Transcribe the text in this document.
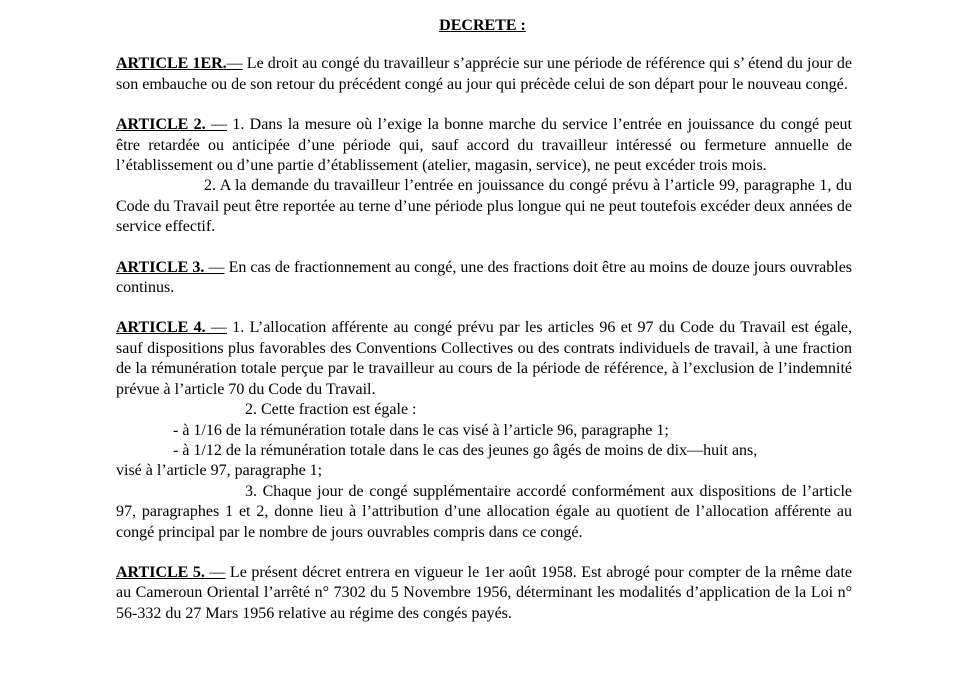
DECRETE :

ARTICLE 1ER.— Le droit au congé du travailleur s’apprécie sur une période de référence qui s’ étend du jour de son embauche ou de son retour du précédent congé au jour qui précède celui de son départ pour le nouveau congé.

ARTICLE 2. — 1. Dans la mesure où l’exige la bonne marche du service l’entrée en jouissance du congé peut être retardée ou anticipée d’une période qui, sauf accord du travailleur intéressé ou fermeture annuelle de l’établissement ou d’une partie d’établissement (atelier, magasin, service), ne peut excéder trois mois.

2. A la demande du travailleur l’entrée en jouissance du congé prévu à l’article 99, paragraphe 1, du Code du Travail peut être reportée au terne d’une période plus longue qui ne peut toutefois excéder deux années de service effectif.

ARTICLE 3. — En cas de fractionnement au congé, une des fractions doit être au moins de douze jours ouvrables continus.

ARTICLE 4. — 1. L’allocation afférente au congé prévu par les articles 96 et 97 du Code du Travail est égale, sauf dispositions plus favorables des Conventions Collectives ou des contrats individuels de travail, à une fraction de la rémunération totale perçue par le travailleur au cours de la période de référence, à l’exclusion de l’indemnité prévue à l’article 70 du Code du Travail.

2. Cette fraction est égale :

- à 1/16 de la rémunération totale dans le cas visé à l’article 96, paragraphe 1;

- à 1/12 de la rémunération totale dans le cas des jeunes go âgés de moins de dix—huit ans,

visé à l’article 97, paragraphe 1;

3. Chaque jour de congé supplémentaire accordé conformément aux dispositions de l’article 97, paragraphes 1 et 2, donne lieu à l’attribution d’une allocation égale au quotient de l’allocation afférente au congé principal par le nombre de jours ouvrables compris dans ce congé.

ARTICLE 5. — Le présent décret entrera en vigueur le 1er août 1958. Est abrogé pour compter de la rnême date au Cameroun Oriental l’arrêté n° 7302 du 5 Novembre 1956, déterminant les modalités d’application de la Loi n° 56-332 du 27 Mars 1956 relative au régime des congés payés.
